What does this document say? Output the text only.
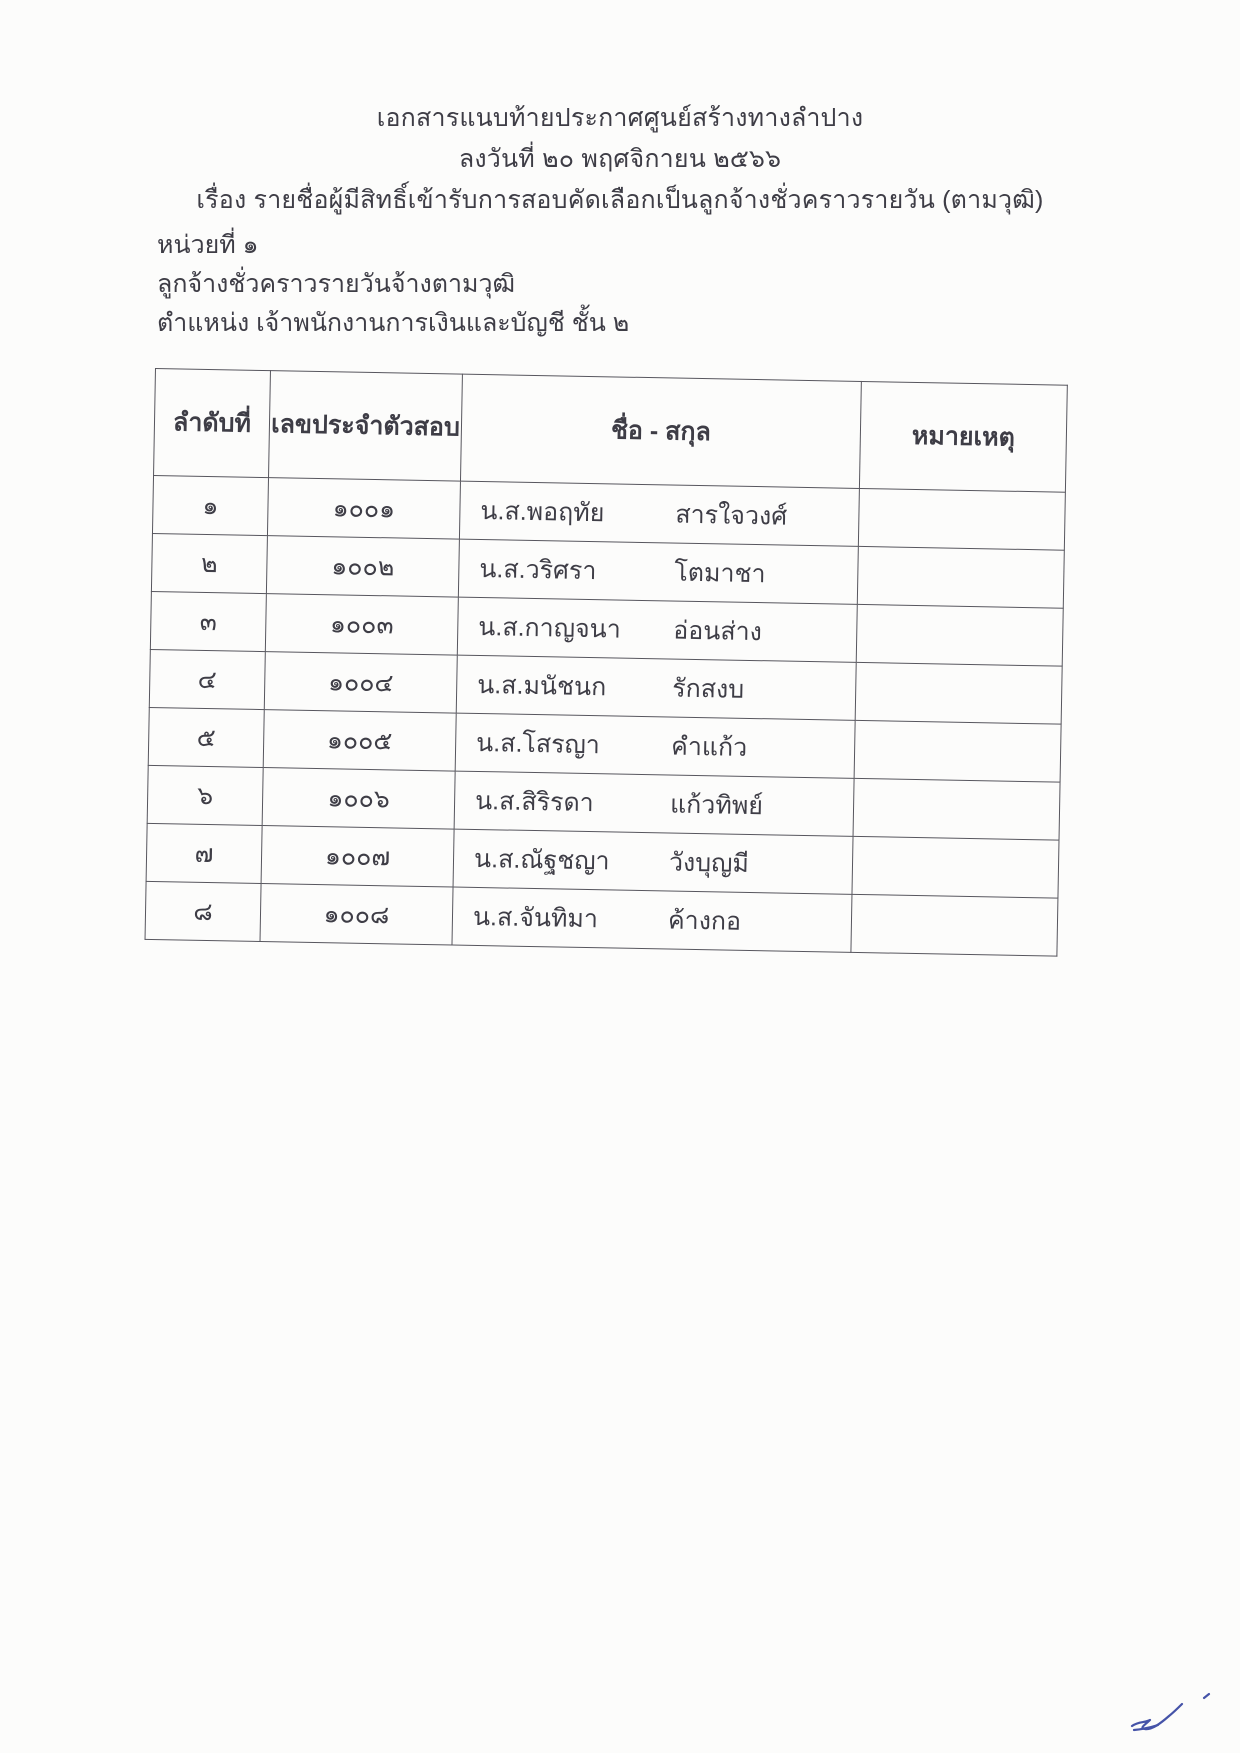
เอกสารแนบท้ายประกาศศูนย์สร้างทางลำปาง
ลงวันที่ ๒๐ พฤศจิกายน ๒๕๖๖
เรื่อง รายชื่อผู้มีสิทธิ์เข้ารับการสอบคัดเลือกเป็นลูกจ้างชั่วคราวรายวัน (ตามวุฒิ)
หน่วยที่ ๑
ลูกจ้างชั่วคราวรายวันจ้างตามวุฒิ
ตำแหน่ง เจ้าพนักงานการเงินและบัญชี ชั้น ๒
ลำดับที่	เลขประจำตัวสอบ	ชื่อ - สกุล	หมายเหตุ
๑	๑๐๐๑	น.ส.พอฤทัย สารใจวงศ์	

๒	๑๐๐๒	น.ส.วริศรา โตมาชา	

๓	๑๐๐๓	น.ส.กาญจนา อ่อนส่าง	

๔	๑๐๐๔	น.ส.มนัชนก รักสงบ	

๕	๑๐๐๕	น.ส.โสรญา คำแก้ว	

๖	๑๐๐๖	น.ส.สิริรดา แก้วทิพย์	

๗	๑๐๐๗	น.ส.ณัฐชญา วังบุญมี	

๘	๑๐๐๘	น.ส.จันทิมา ค้างกอ	
